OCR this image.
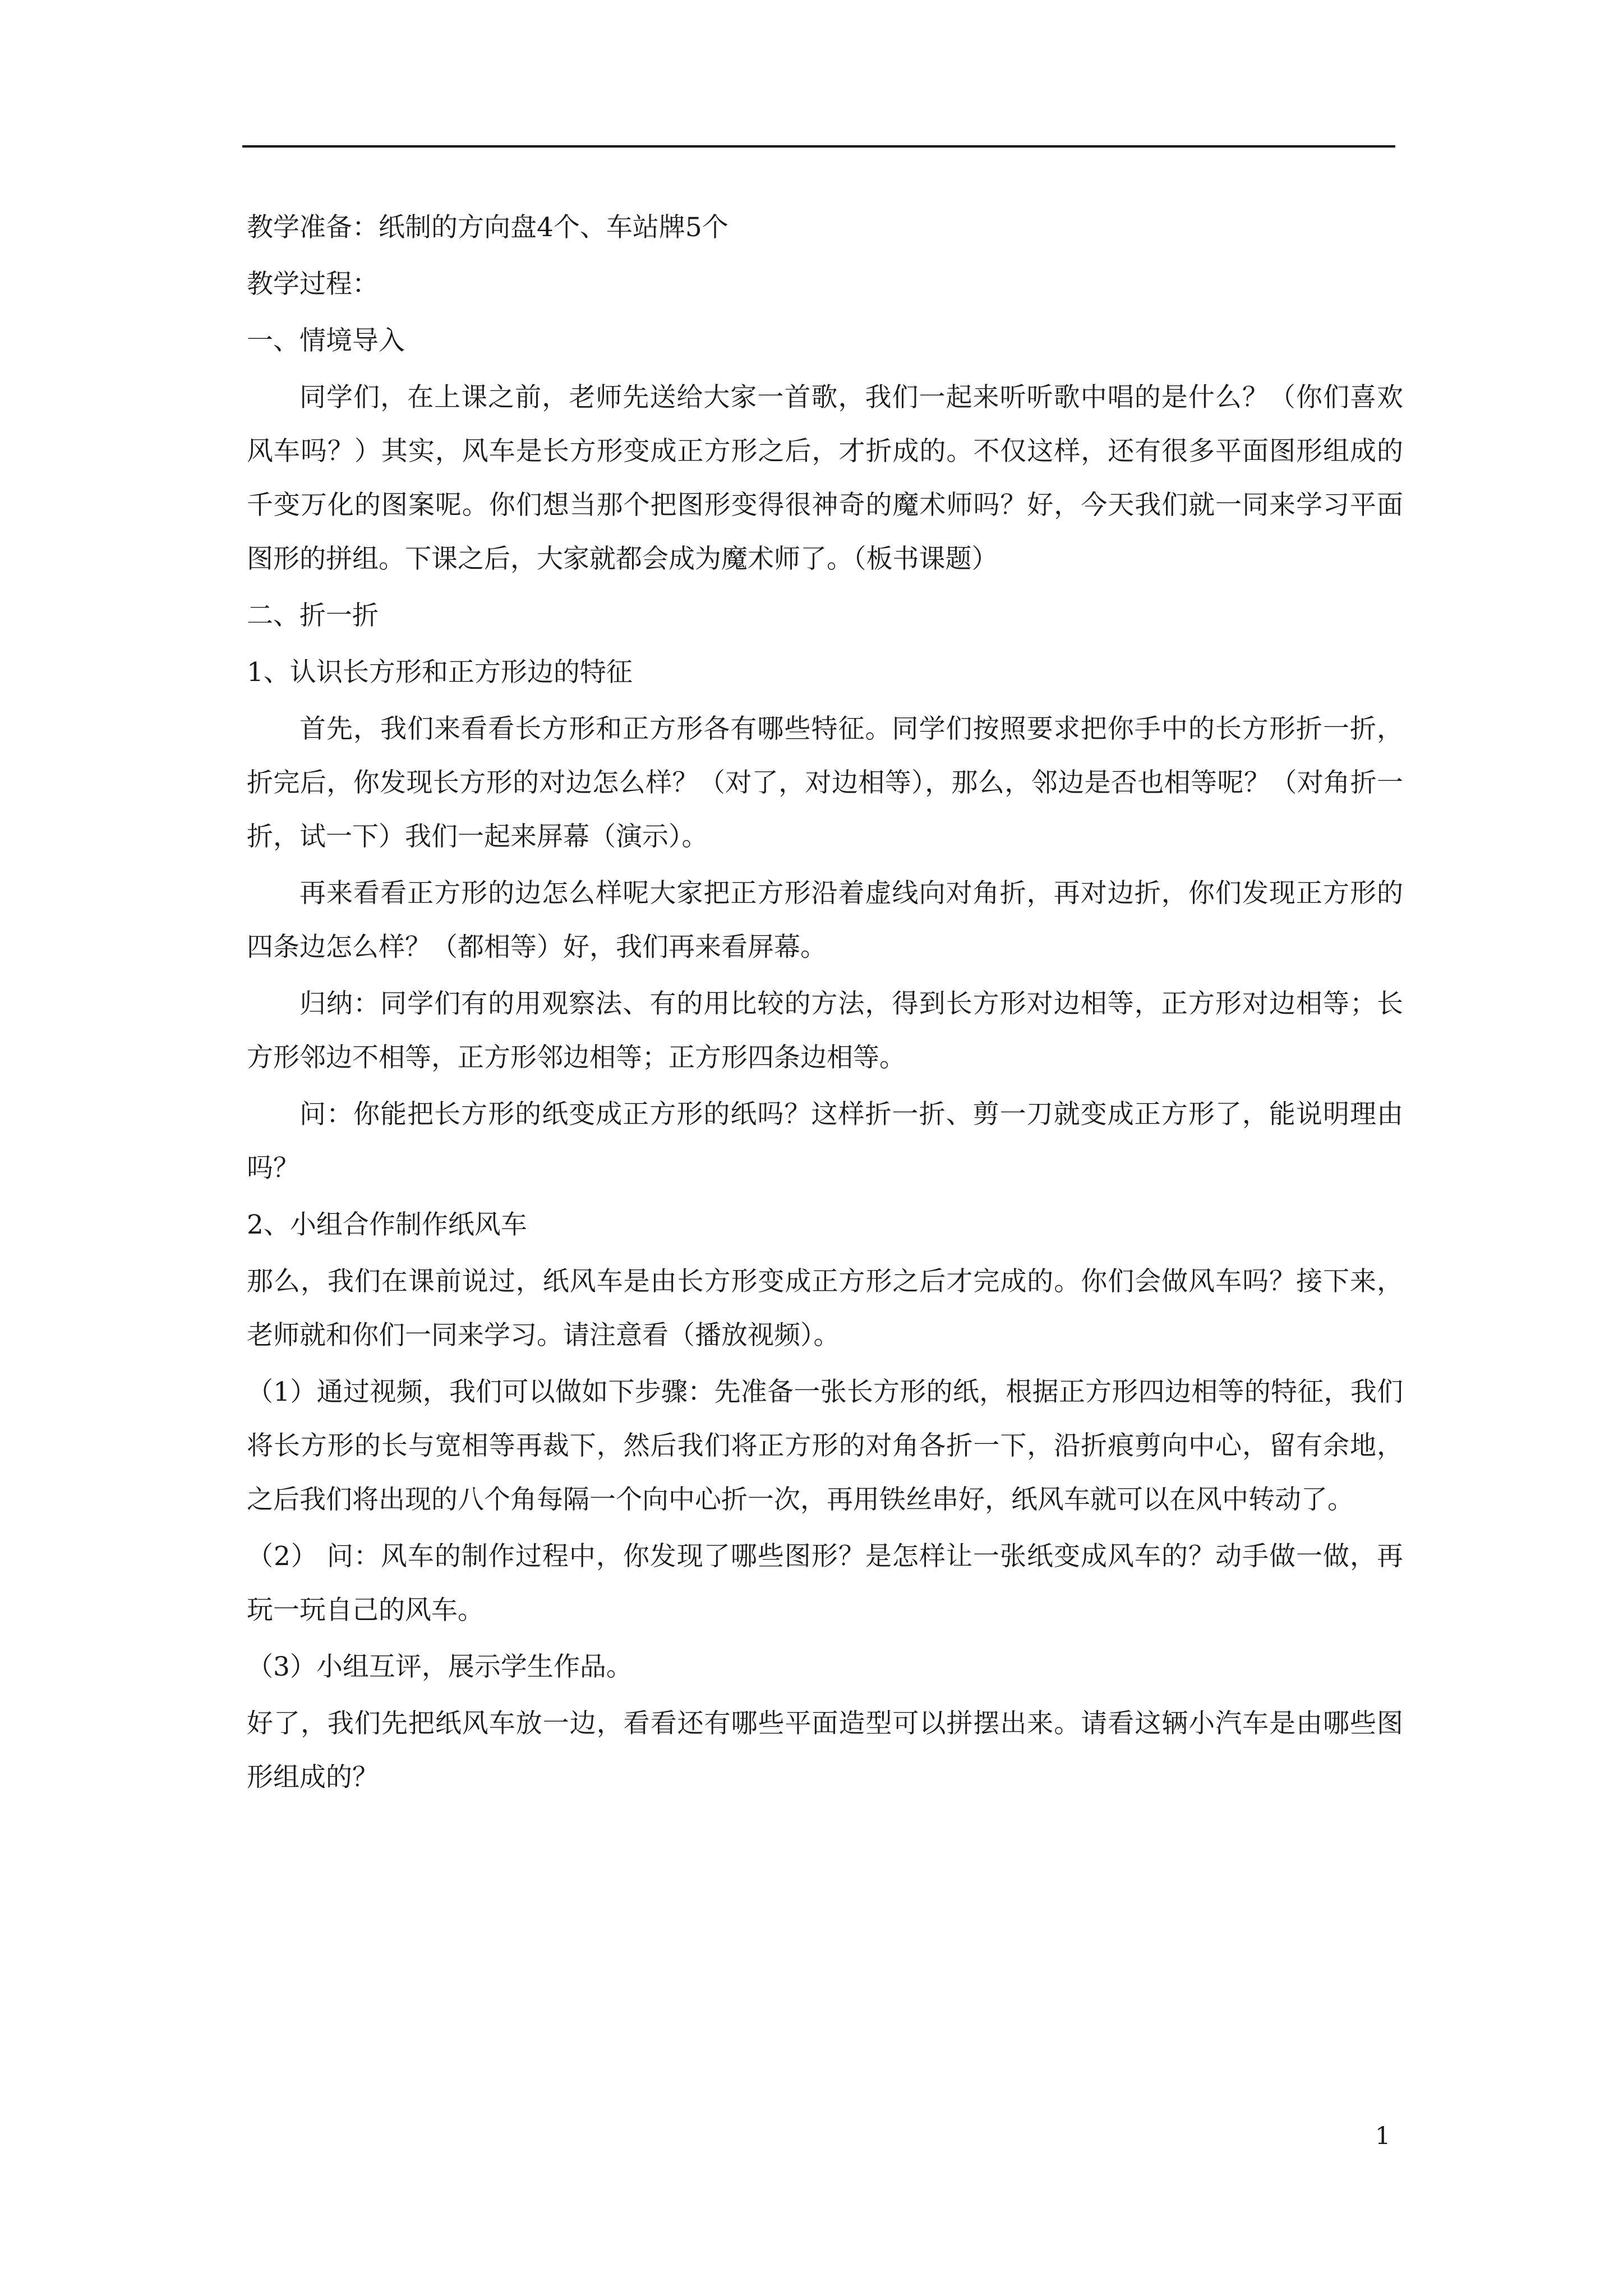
教学准备：纸制的方向盘4个、车站牌5个

教学过程：

一、情境导入

同学们，在上课之前，老师先送给大家一首歌，我们一起来听听歌中唱的是什么？（你们喜欢风车吗？）其实，风车是长方形变成正方形之后，才折成的。不仅这样，还有很多平面图形组成的千变万化的图案呢。你们想当那个把图形变得很神奇的魔术师吗？好，今天我们就一同来学习平面图形的拼组。下课之后，大家就都会成为魔术师了。（板书课题）

二、折一折

1、认识长方形和正方形边的特征

首先，我们来看看长方形和正方形各有哪些特征。同学们按照要求把你手中的长方形折一折，折完后，你发现长方形的对边怎么样？（对了，对边相等），那么，邻边是否也相等呢？（对角折一折，试一下）我们一起来屏幕（演示）。

再来看看正方形的边怎么样呢大家把正方形沿着虚线向对角折，再对边折，你们发现正方形的四条边怎么样？（都相等）好，我们再来看屏幕。

归纳：同学们有的用观察法、有的用比较的方法，得到长方形对边相等，正方形对边相等；长方形邻边不相等，正方形邻边相等；正方形四条边相等。

问：你能把长方形的纸变成正方形的纸吗？这样折一折、剪一刀就变成正方形了，能说明理由吗？

2、小组合作制作纸风车

那么，我们在课前说过，纸风车是由长方形变成正方形之后才完成的。你们会做风车吗？接下来，老师就和你们一同来学习。请注意看（播放视频）。

（1）通过视频，我们可以做如下步骤：先准备一张长方形的纸，根据正方形四边相等的特征，我们将长方形的长与宽相等再裁下，然后我们将正方形的对角各折一下，沿折痕剪向中心，留有余地，之后我们将出现的八个角每隔一个向中心折一次，再用铁丝串好，纸风车就可以在风中转动了。

（2） 问：风车的制作过程中，你发现了哪些图形？是怎样让一张纸变成风车的？动手做一做，再玩一玩自己的风车。

（3）小组互评，展示学生作品。

好了，我们先把纸风车放一边，看看还有哪些平面造型可以拼摆出来。请看这辆小汽车是由哪些图形组成的？

1
